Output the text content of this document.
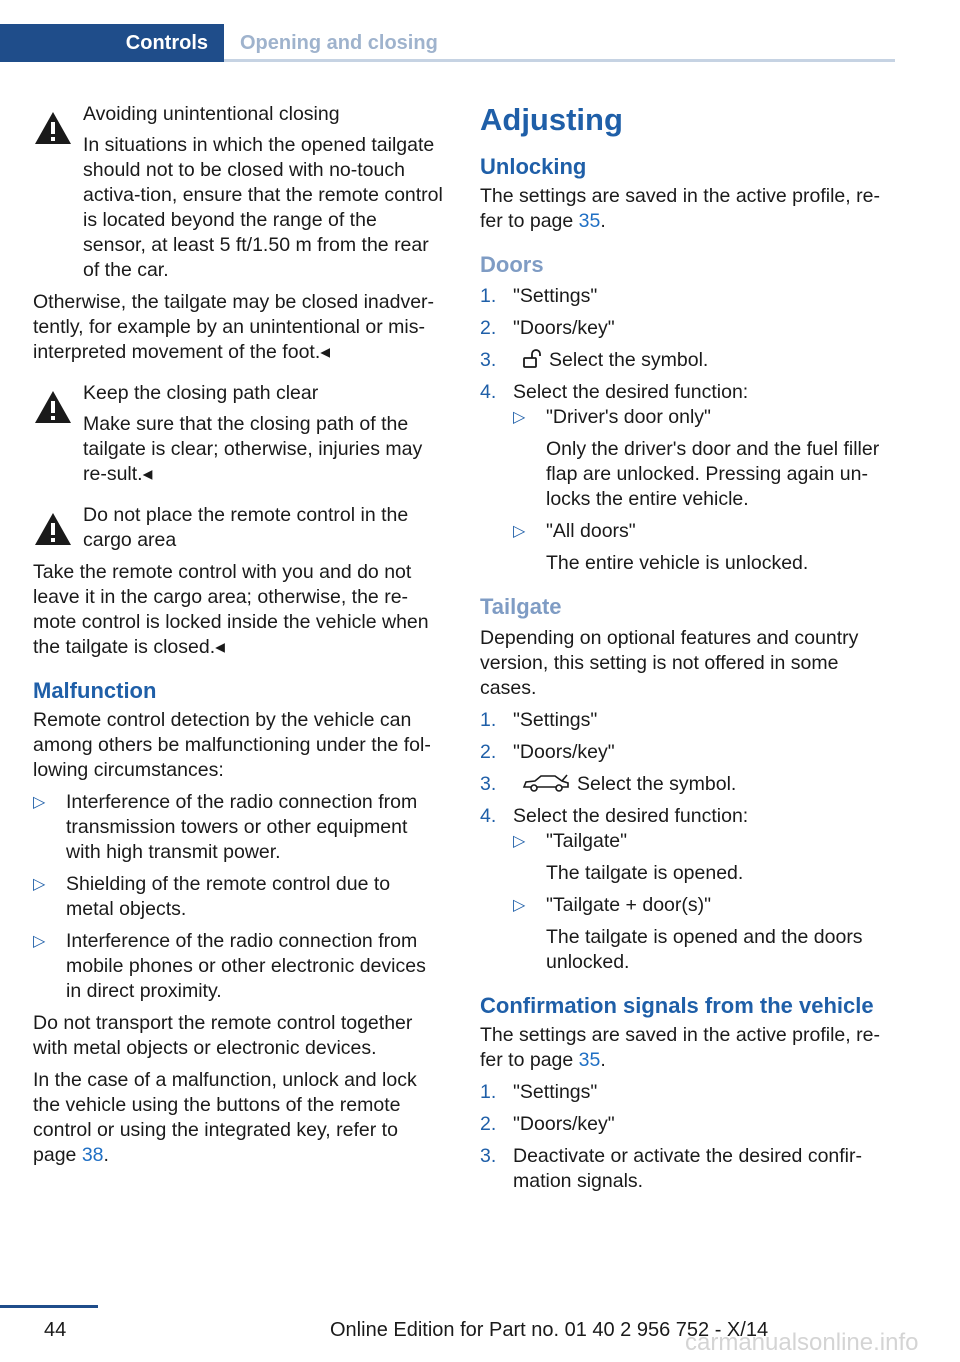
Controls	Opening and closing
Avoiding unintentional closing
In situations in which the opened tailgate should not to be closed with no-touch activa-tion, ensure that the remote control is located beyond the range of the sensor, at least 5 ft/1.50 m from the rear of the car.

Otherwise, the tailgate may be closed inadver-tently, for example by an unintentional or mis-interpreted movement of the foot.◂

Keep the closing path clear
Make sure that the closing path of the tailgate is clear; otherwise, injuries may re-sult.◂
Do not place the remote control in the cargo area

Take the remote control with you and do not leave it in the cargo area; otherwise, the re-mote control is locked inside the vehicle when the tailgate is closed.◂

Malfunction

Remote control detection by the vehicle can among others be malfunctioning under the fol-lowing circumstances:

▷ Interference of the radio connection from transmission towers or other equipment with high transmit power.
▷ Shielding of the remote control due to metal objects.
▷ Interference of the radio connection from mobile phones or other electronic devices in direct proximity.

Do not transport the remote control together with metal objects or electronic devices.

In the case of a malfunction, unlock and lock the vehicle using the buttons of the remote control or using the integrated key, refer to page 38.

Adjusting
Unlocking

The settings are saved in the active profile, re-fer to page 35.

Doors
1. "Settings"
2. "Doors/key"
3.	Select the symbol.
4. Select the desired function:
▷ "Driver's door only"
Only the driver's door and the fuel filler flap are unlocked. Pressing again un-locks the entire vehicle.
▷ "All doors"
The entire vehicle is unlocked.
Tailgate

Depending on optional features and country version, this setting is not offered in some cases.

1. "Settings"
2. "Doors/key"
3.	Select the symbol.
4. Select the desired function:
▷ "Tailgate"
The tailgate is opened.
▷ "Tailgate + door(s)"
The tailgate is opened and the doors unlocked.
Confirmation signals from the vehicle

The settings are saved in the active profile, re-fer to page 35.

1. "Settings"
2. "Doors/key"
3. Deactivate or activate the desired confir-mation signals.
44	Online Edition for Part no. 01 40 2 956 752 - X/14
carmanualsonline.info
